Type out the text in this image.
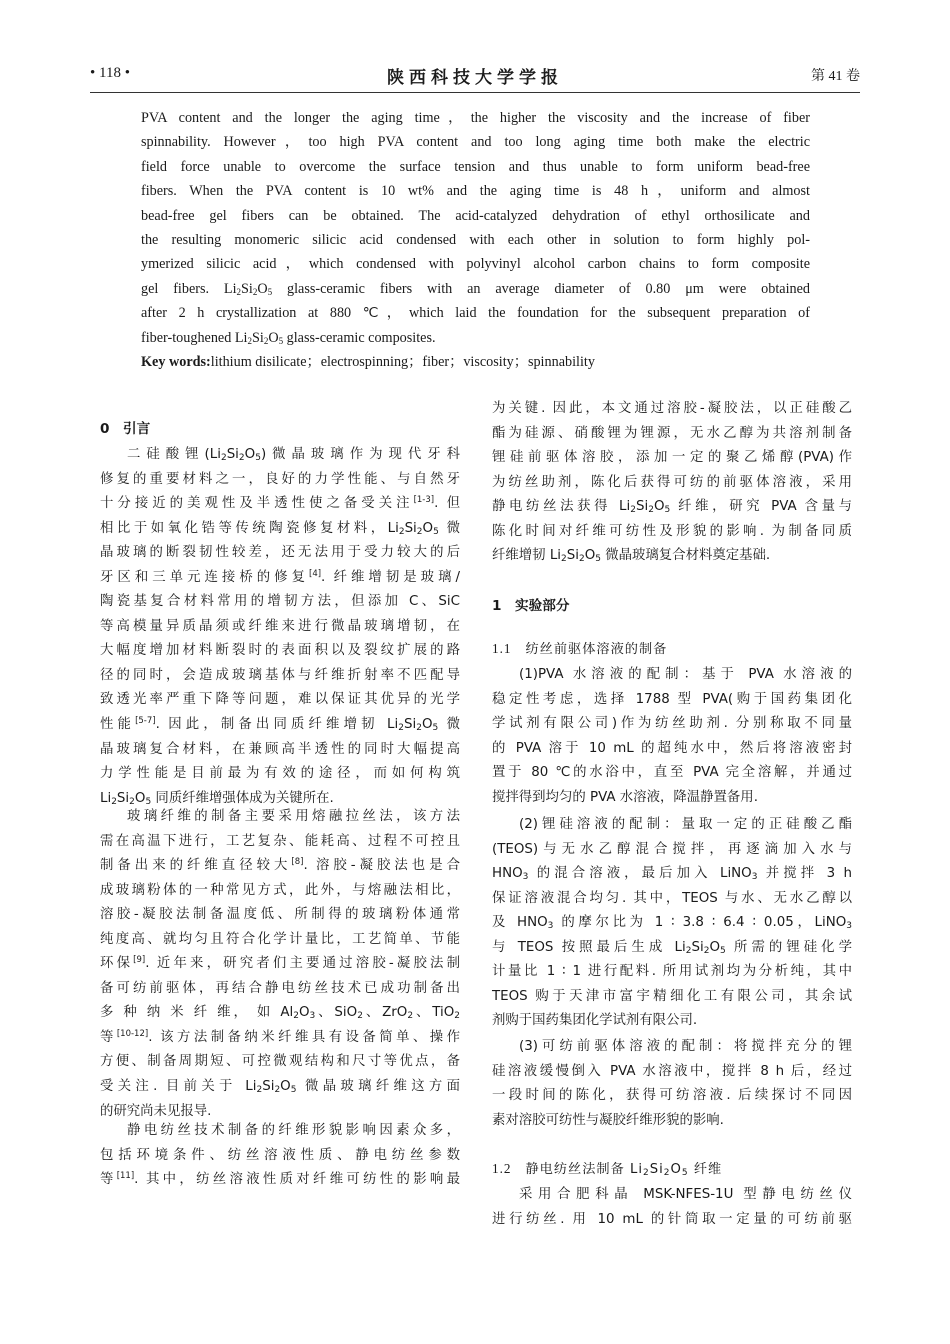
• 118 •	陕西科技大学学报	第 41 卷
PVA content and the longer the aging time，the higher the viscosity and the increase of fiber
spinnability. However，too high PVA content and too long aging time both make the electric
field force unable to overcome the surface tension and thus unable to form uniform bead-free
fibers. When the PVA content is 10 wt% and the aging time is 48 h，uniform and almost
bead-free gel fibers can be obtained. The acid-catalyzed dehydration of ethyl orthosilicate and
the resulting monomeric silicic acid condensed with each other in solution to form highly pol-
ymerized silicic acid，which condensed with polyvinyl alcohol carbon chains to form composite
gel fibers. $Li_2Si_2O_5$ glass-ceramic fibers with an average diameter of 0.80 μm were obtained
after 2 h crystallization at 880 ℃，which laid the foundation for the subsequent preparation of
fiber-toughened $Li_2Si_2O_5$ glass-ceramic composites.
Key words:lithium disilicate；electrospinning；fiber；viscosity；spinnability
0　引言
二硅酸锂$(Li_2Si_2O_5)$微晶玻璃作为现代牙科
修复的重要材料之一，良好的力学性能、与自然牙
十分接近的美观性及半透性使之备受关注[1-3]. 但
相比于如氧化锆等传统陶瓷修复材料，$Li_2Si_2O_5$ 微
晶玻璃的断裂韧性较差，还无法用于受力较大的后
牙区和三单元连接桥的修复[4]. 纤维增韧是玻璃/
陶瓷基复合材料常用的增韧方法，但添加 C、SiC
等高模量异质晶须或纤维来进行微晶玻璃增韧，在
大幅度增加材料断裂时的表面积以及裂纹扩展的路
径的同时，会造成玻璃基体与纤维折射率不匹配导
致透光率严重下降等问题，难以保证其优异的光学
性能[5-7]. 因此，制备出同质纤维增韧 $Li_2Si_2O_5$ 微
晶玻璃复合材料，在兼顾高半透性的同时大幅提高
力学性能是目前最为有效的途径，而如何构筑
$Li_2Si_2O_5$ 同质纤维增强体成为关键所在.
玻璃纤维的制备主要采用熔融拉丝法，该方法
需在高温下进行，工艺复杂、能耗高、过程不可控且
制备出来的纤维直径较大[8]. 溶胶-凝胶法也是合
成玻璃粉体的一种常见方式，此外，与熔融法相比，
溶胶-凝胶法制备温度低、所制得的玻璃粉体通常
纯度高、就均匀且符合化学计量比，工艺简单、节能
环保[9]. 近年来，研究者们主要通过溶胶-凝胶法制
备可纺前驱体，再结合静电纺丝技术已成功制备出
多 种 纳 米 纤 维， 如 $Al_2O_3$、SiO$_2$、ZrO$_2$、TiO$_2$
等[10-12]. 该方法制备纳米纤维具有设备简单、操作
方便、制备周期短、可控微观结构和尺寸等优点，备
受关注. 目前关于 $Li_2Si_2O_5$ 微晶玻璃纤维这方面
的研究尚未见报导.
静电纺丝技术制备的纤维形貌影响因素众多，
包括环境条件、纺丝溶液性质、静电纺丝参数
等[11]. 其中，纺丝溶液性质对纤维可纺性的影响最
为关键. 因此，本文通过溶胶-凝胶法，以正硅酸乙
酯为硅源、硝酸锂为锂源，无水乙醇为共溶剂制备
锂硅前驱体溶胶，添加一定的聚乙烯醇(PVA)作
为纺丝助剂，陈化后获得可纺的前驱体溶液，采用
静电纺丝法获得 $Li_2Si_2O_5$ 纤维，研究 PVA 含量与
陈化时间对纤维可纺性及形貌的影响. 为制备同质
纤维增韧 $Li_2Si_2O_5$ 微晶玻璃复合材料奠定基础.
1　实验部分
1.1 纺丝前驱体溶液的制备
(1)PVA 水溶液的配制：基于 PVA 水溶液的
稳定性考虑，选择 1788 型 PVA(购于国药集团化
学试剂有限公司)作为纺丝助剂. 分别称取不同量
的 PVA 溶于 10 mL 的超纯水中，然后将溶液密封
置于 80 ℃的水浴中，直至 PVA 完全溶解，并通过
搅拌得到均匀的 PVA 水溶液，降温静置备用.
(2)锂硅溶液的配制：量取一定的正硅酸乙酯
(TEOS)与无水乙醇混合搅拌，再逐滴加入水与
$HNO_3$ 的混合溶液，最后加入 LiNO$_3$ 并搅拌 3 h
保证溶液混合均匀. 其中，TEOS 与水、无水乙醇以
及 $HNO_3$ 的摩尔比为 1 ∶ 3.8 ∶ 6.4 ∶ 0.05，LiNO$_3$
与 TEOS 按照最后生成 $Li_2Si_2O_5$ 所需的锂硅化学
计量比 1 ∶ 1 进行配料. 所用试剂均为分析纯，其中
TEOS 购于天津市富宇精细化工有限公司，其余试
剂购于国药集团化学试剂有限公司.
(3)可纺前驱体溶液的配制：将搅拌充分的锂
硅溶液缓慢倒入 PVA 水溶液中，搅拌 8 h 后，经过
一段时间的陈化，获得可纺溶液. 后续探讨不同因
素对溶胶可纺性与凝胶纤维形貌的影响.
1.2 静电纺丝法制备 $Li_2Si_2O_5$ 纤维
采用合肥科晶 MSK-NFES-1U 型静电纺丝仪
进行纺丝. 用 10 mL 的针筒取一定量的可纺前驱
